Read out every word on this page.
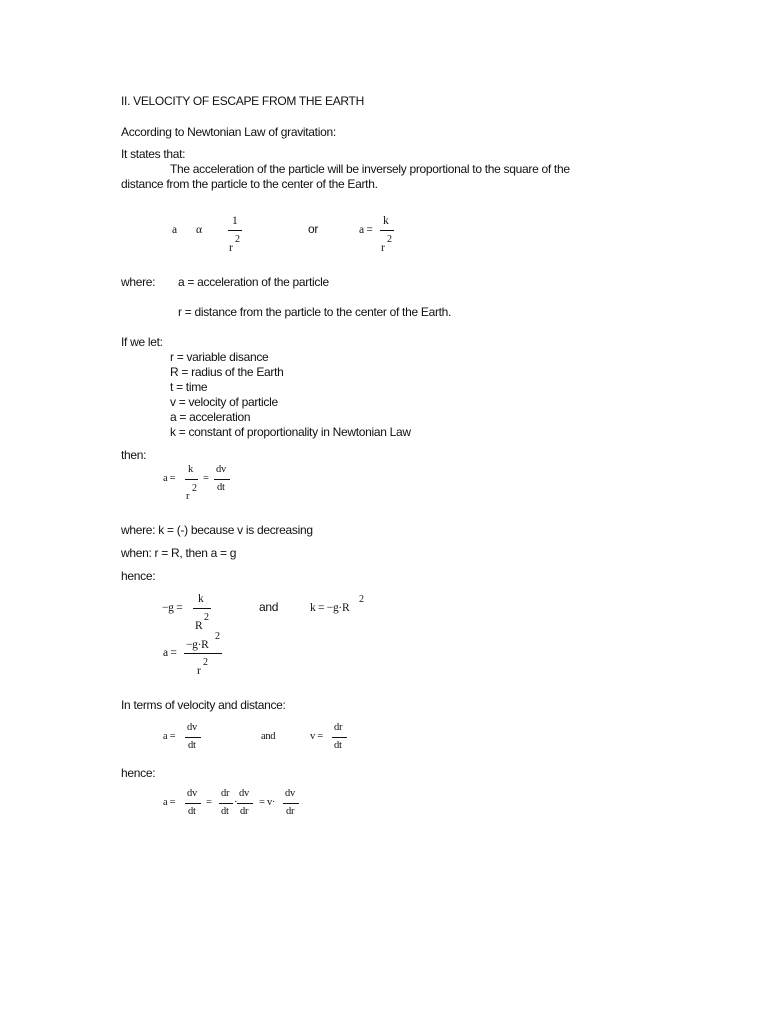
II. VELOCITY OF ESCAPE FROM THE EARTH
According to Newtonian Law of gravitation:
It states that:
The acceleration of the particle will be inversely proportional to the square of the
distance from the particle to the center of the Earth.
a α
1
r
2
or	a =
k
r
2
where: a = acceleration of the particle
r = distance from the particle to the center of the Earth.
If we let:
r = variable disance
R = radius of the Earth
t = time
v = velocity of particle
a = acceleration
k = constant of proportionality in Newtonian Law
then:
a =
k
r
2
=
dv
dt
where: k = (-) because v is decreasing
when: r = R, then a = g
hence:
−g =
k
R
2
and	k = −g·R
2
a =
−g·R
2
r
2
In terms of velocity and distance:
a =
dv
dt
and	v =
dr
dt
hence:
a =
dv
dt
=
dr
dt
·
dv
dr
= v·
dv
dr
